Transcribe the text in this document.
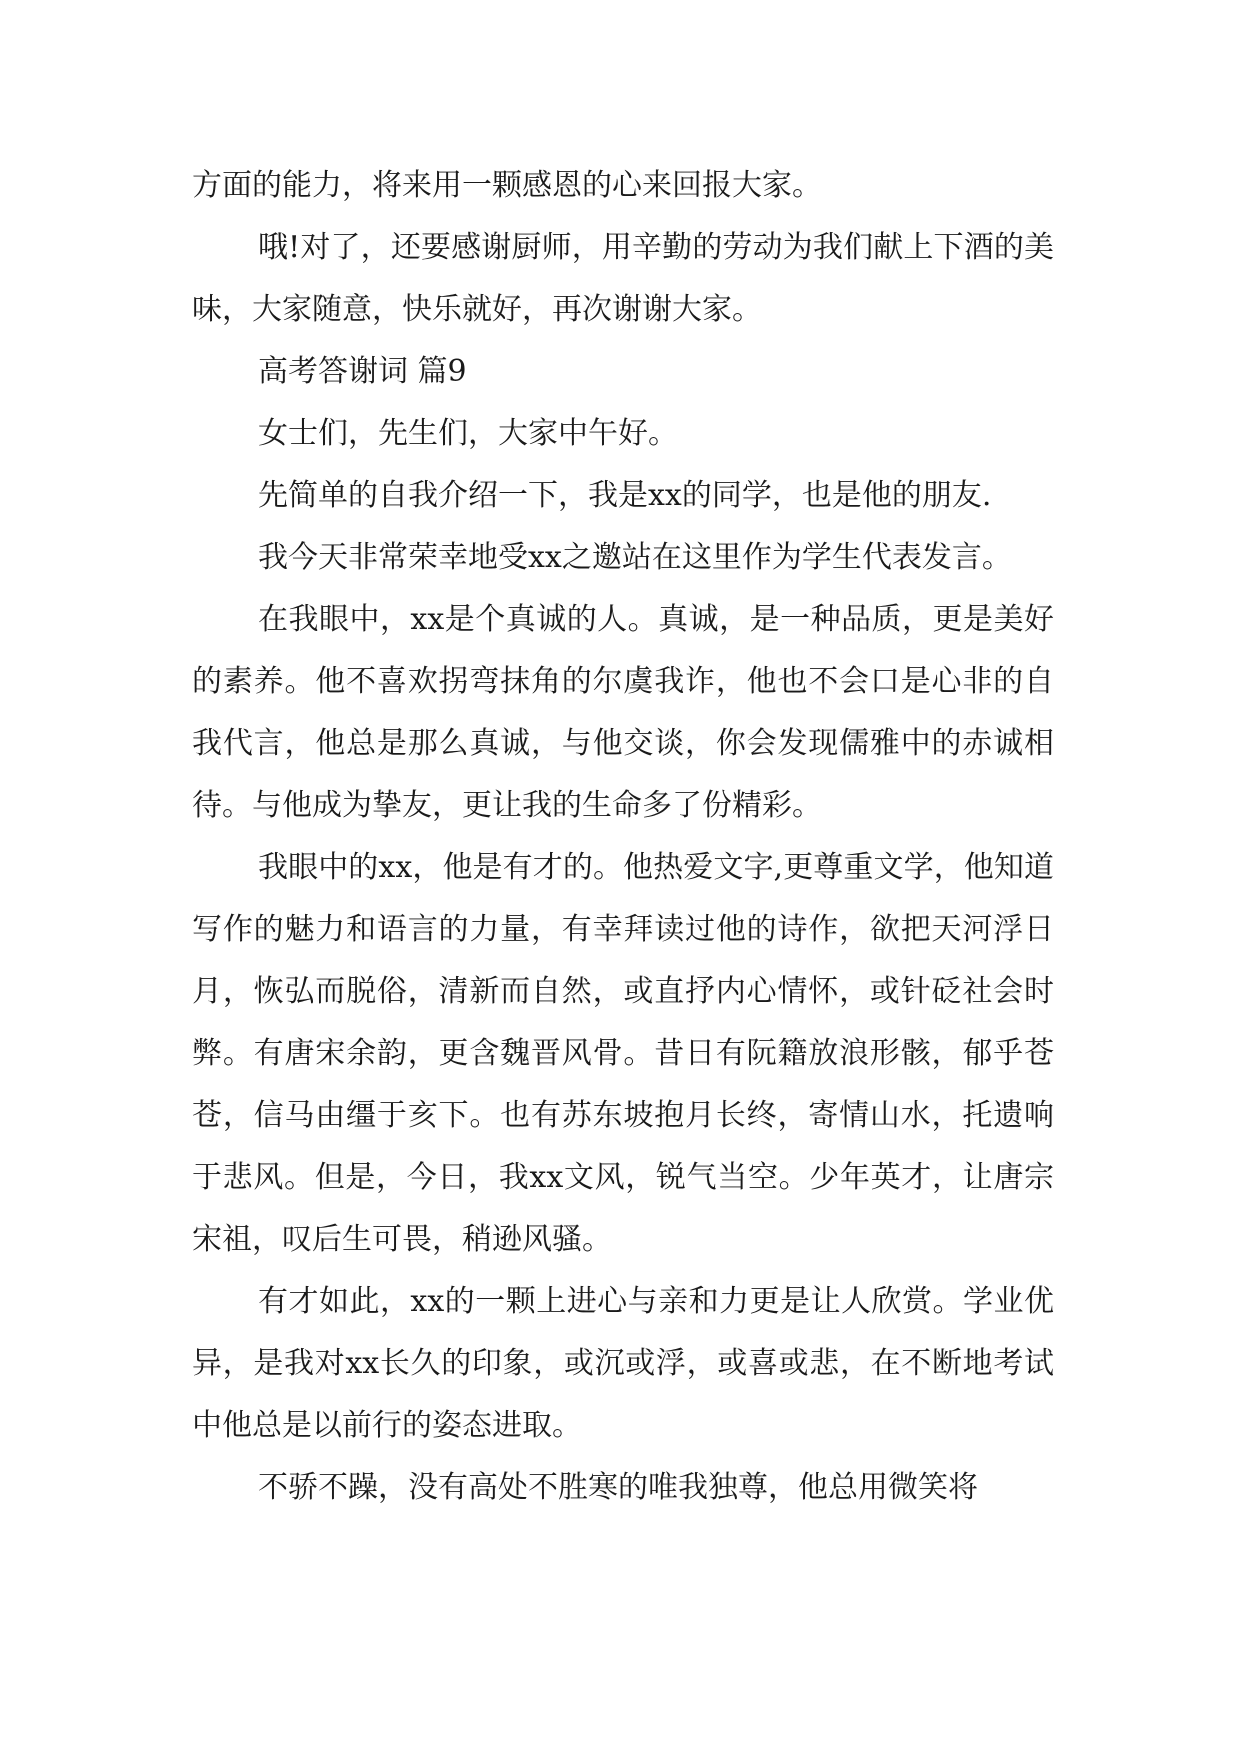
方面的能力，将来用一颗感恩的心来回报大家。

哦!对了，还要感谢厨师，用辛勤的劳动为我们献上下酒的美味，大家随意，快乐就好，再次谢谢大家。

高考答谢词 篇9

女士们，先生们，大家中午好。

先简单的自我介绍一下，我是xx的同学，也是他的朋友.

我今天非常荣幸地受xx之邀站在这里作为学生代表发言。

在我眼中，xx是个真诚的人。真诚，是一种品质，更是美好的素养。他不喜欢拐弯抹角的尔虞我诈，他也不会口是心非的自我代言，他总是那么真诚，与他交谈，你会发现儒雅中的赤诚相待。与他成为挚友，更让我的生命多了份精彩。

我眼中的xx，他是有才的。他热爱文字,更尊重文学，他知道写作的魅力和语言的力量，有幸拜读过他的诗作，欲把天河浮日月，恢弘而脱俗，清新而自然，或直抒内心情怀，或针砭社会时弊。有唐宋余韵，更含魏晋风骨。昔日有阮籍放浪形骸，郁乎苍苍，信马由缰于亥下。也有苏东坡抱月长终，寄情山水，托遗响于悲风。但是，今日，我xx文风，锐气当空。少年英才，让唐宗宋祖，叹后生可畏，稍逊风骚。

有才如此，xx的一颗上进心与亲和力更是让人欣赏。学业优异，是我对xx长久的印象，或沉或浮，或喜或悲，在不断地考试中他总是以前行的姿态进取。

不骄不躁，没有高处不胜寒的唯我独尊，他总用微笑将
